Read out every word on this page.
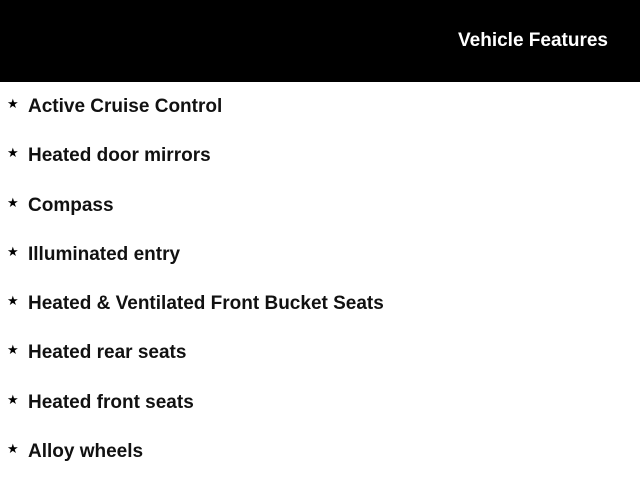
Vehicle Features
★ Active Cruise Control
★ Heated door mirrors
★ Compass
★ Illuminated entry
★ Heated & Ventilated Front Bucket Seats
★ Heated rear seats
★ Heated front seats
★ Alloy wheels
